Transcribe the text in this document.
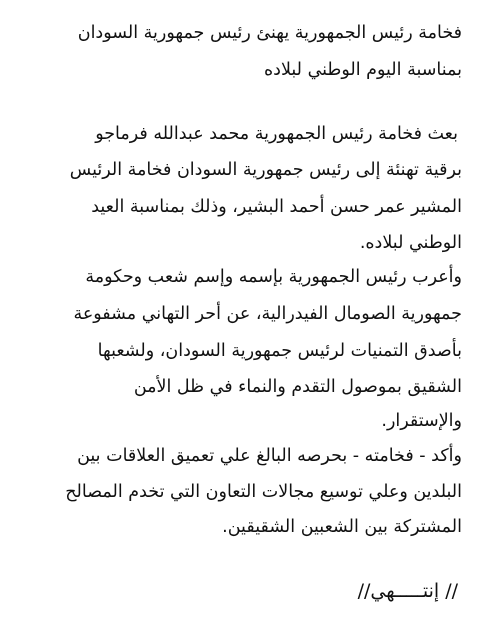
فخامة رئيس الجمهورية يهنئ رئيس جمهورية السودان
بمناسبة اليوم الوطني لبلاده
بعث فخامة رئيس الجمهورية محمد عبدالله فرماجو
برقية تهنئة إلى رئيس جمهورية السودان فخامة الرئيس
المشير عمر حسن أحمد البشير، وذلك بمناسبة العيد
الوطني لبلاده.
وأعرب رئيس الجمهورية بإسمه وإسم شعب وحكومة
جمهورية الصومال الفيدرالية، عن أحر التهاني مشفوعة
بأصدق التمنيات لرئيس جمهورية السودان، ولشعبها
الشقيق بموصول التقدم والنماء في ظل الأمن
والإستقرار.
وأكد - فخامته - بحرصه البالغ علي تعميق العلاقات بين
البلدين وعلي توسيع مجالات التعاون التي تخدم المصالح
المشتركة بين الشعبين الشقيقين.
// إنتـــــهي//
